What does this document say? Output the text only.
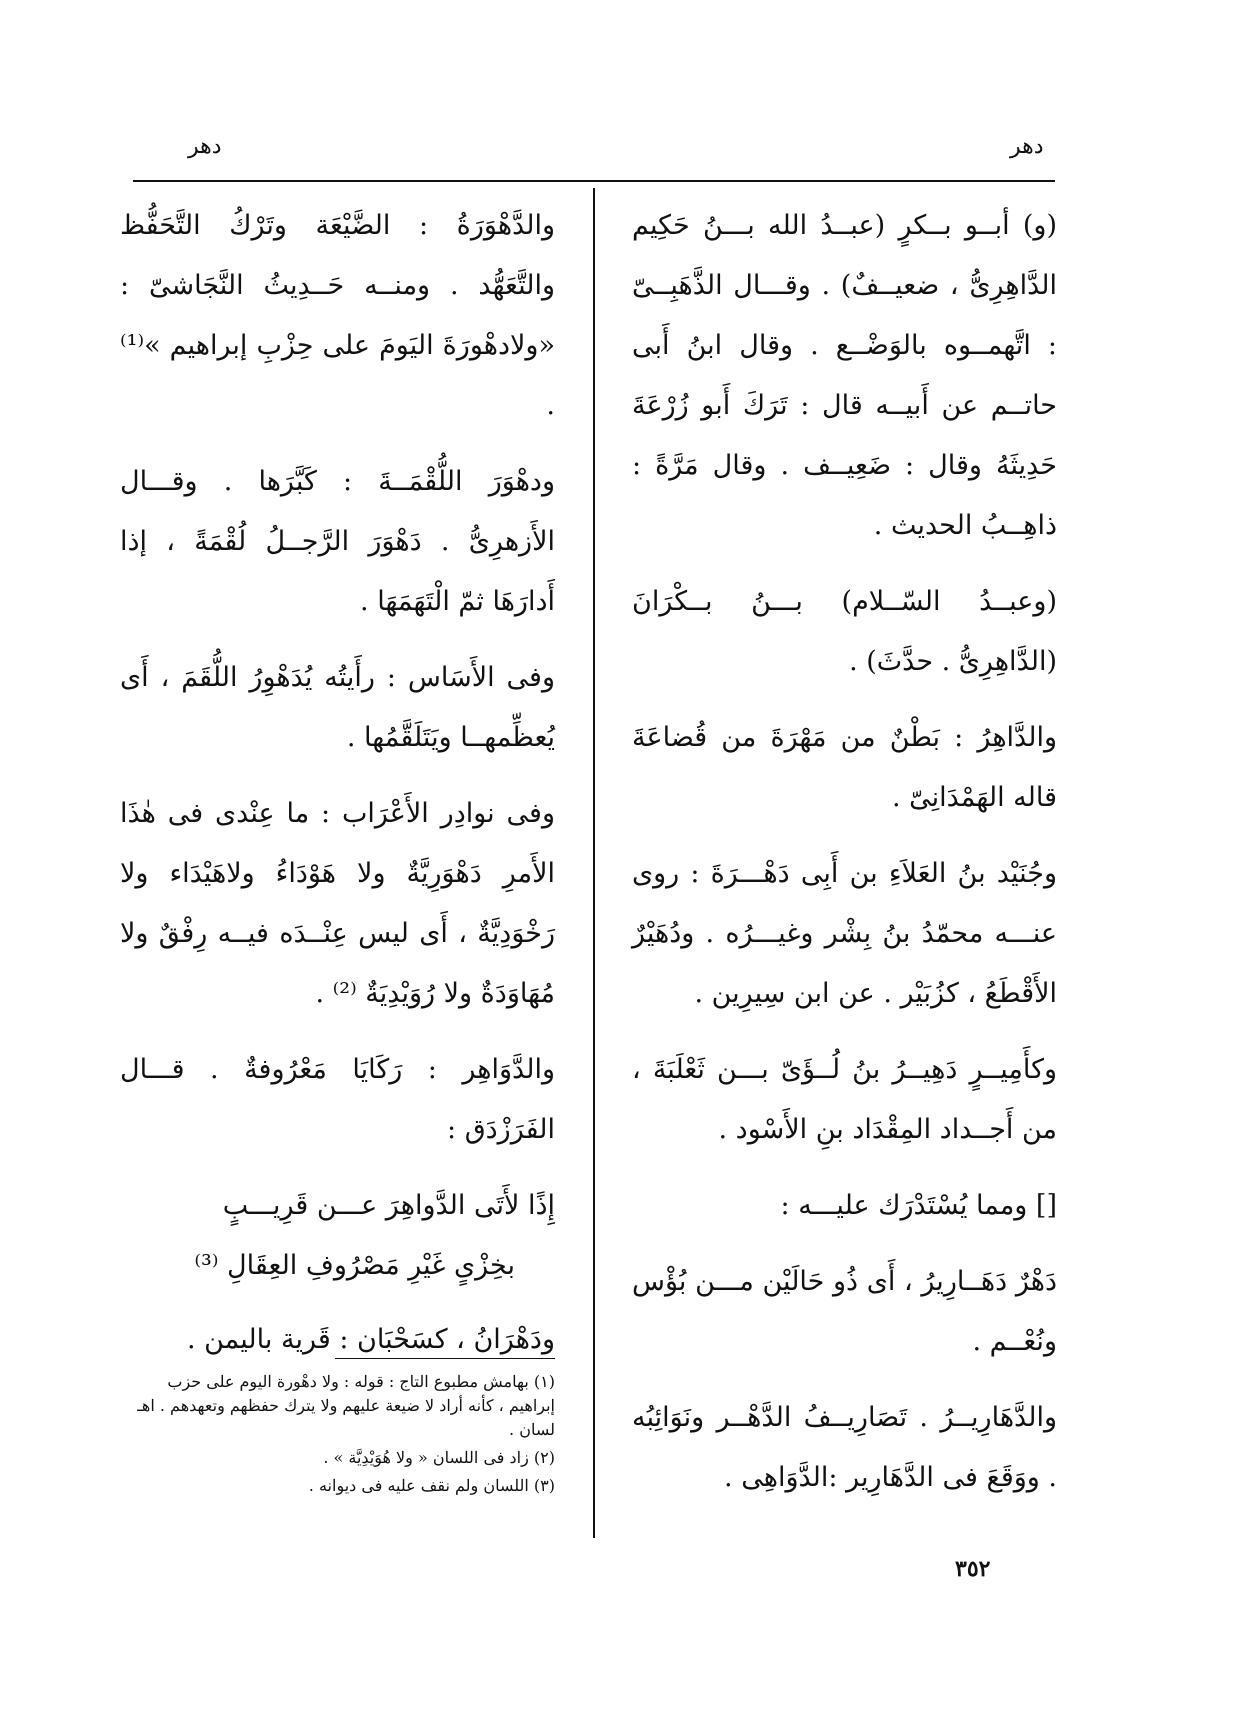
دهر
دهر

(و) أبــو بــكرٍ (عبــدُ الله بـــنُ حَكِيم الدَّاهِرِىُّ ، ضعيــفٌ) . وقـــال الذَّهَبِــىّ : اتَّهمــوه بالوَضْــع . وقال ابنُ أَبى حاتــم عن أَبيــه قال : تَرَكَ أَبو زُرْعَةَ حَدِيثَهُ وقال : ضَعِيــف . وقال مَرَّةً : ذاهِــبُ الحديث .

(وعبــدُ السّــلام) بـــنُ بــكْرَانَ (الدَّاهِرِىُّ . حدَّثَ) .

والدَّاهِرُ : بَطْنٌ من مَهْرَةَ من قُضاعَةَ قاله الهَمْدَانِىّ .

وجُنَيْد بنُ العَلاَءِ بن أَبِى دَهْـــرَةَ : روى عنـــه محمّدُ بنُ بِشْر وغيـــرُه . ودُهَيْرٌ الأَقْطَعُ ، كزُبَيْر . عن ابن سِيرِين .

وكأَمِيــرٍ دَهِيــرُ بنُ لُــؤَىّ بـــن ثَعْلَبَةَ ، من أَجــداد المِقْدَاد بنِ الأَسْود .

[] ومما يُسْتَدْرَك عليـــه :

دَهْرٌ دَهَــارِيرُ ، أَى ذُو حَالَيْن مـــن بُؤْس ونُعْــم .

والدَّهَارِيــرُ . تَصَارِيــفُ الدَّهْــر ونَوَائِبُه . ووَقَعَ فى الدَّهَارِير :الدَّوَاهِى .

والدَّهْوَرَةُ : الضَّيْعَة وتَرْكُ التَّحَفُّظ والتَّعَهُّد . ومنــه حَــدِيثُ النَّجَاشىّ : «ولادهْورَةَ اليَومَ على حِزْبِ إبراهيم »⁽¹⁾ .

ودهْوَرَ اللُّقْمَــةَ : كَبَّرَها . وقـــال الأَزهرِىُّ . دَهْوَرَ الرَّجــلُ لُقْمَةً ، إذا أَدارَهَا ثمّ الْتَهَمَهَا .

وفى الأَسَاس : رأَيتُه يُدَهْوِرُ اللُّقَمَ ، أَى يُعظِّمهــا ويَتَلَقَّمُها .

وفى نوادِر الأَعْرَاب : ما عِنْدى فى هٰذَا الأَمرِ دَهْوَرِيَّةٌ ولا هَوْدَاءُ ولاهَيْدَاء ولا رَخْوَدِيَّةٌ ، أَى ليس عِنْــدَه فيــه رِفْقٌ ولا مُهَاوَدَةٌ ولا رُوَيْدِيَةٌ ⁽²⁾ .

والدَّوَاهِر : رَكَايَا مَعْرُوفةٌ . قـــال الفَرَزْدَق :

إِذًا لأَتَى الدَّواهِرَ عـــن قَرِيـــبٍ
بخِزْىٍ غَيْرِ مَصْرُوفِ العِقَالِ ⁽³⁾

ودَهْرَانُ ، كسَحْبَان : قَرية باليمن .

(١) بهامش مطبوع التاج : قوله : ولا دهْورة اليوم على حزب إبراهيم ، كأنه أراد لا ضيعة عليهم ولا يترك حفظهم وتعهدهم . اهـ لسان .
(٢) زاد فى اللسان « ولا هُوَيْدِيَّة » .
(٣) اللسان ولم نقف عليه فى ديوانه .
٣٥٢
